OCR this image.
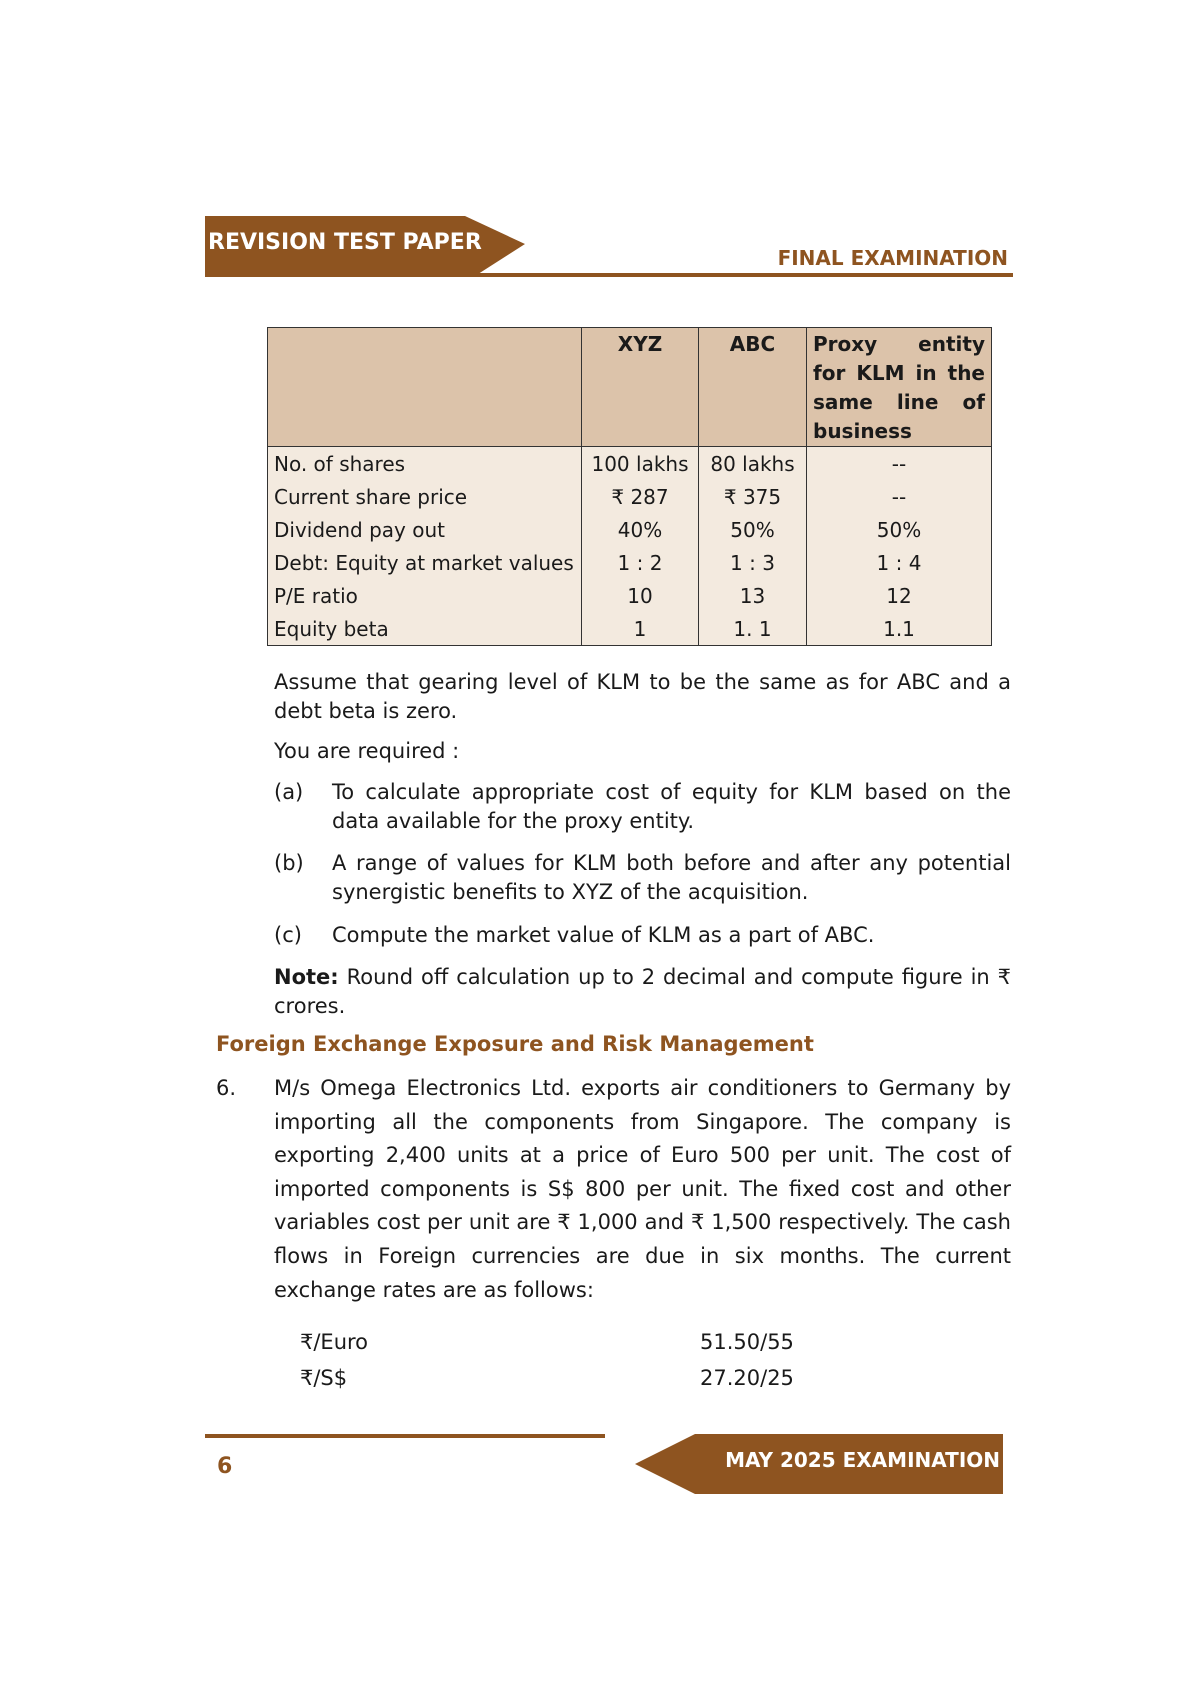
REVISION TEST PAPER
FINAL EXAMINATION
	XYZ	ABC	Proxy entity for KLM in the same line of business
No. of shares	100 lakhs	80 lakhs	--
Current share price	₹ 287	₹ 375	--
Dividend pay out	40%	50%	50%
Debt: Equity at market values	1 : 2	1 : 3	1 : 4
P/E ratio	10	13	12
Equity beta	1	1. 1	1.1
Assume that gearing level of KLM to be the same as for ABC and a debt beta is zero.
You are required :
(a) To calculate appropriate cost of equity for KLM based on the data available for the proxy entity.
(b) A range of values for KLM both before and after any potential synergistic benefits to XYZ of the acquisition.
(c) Compute the market value of KLM as a part of ABC.
Note: Round off calculation up to 2 decimal and compute figure in ₹ crores.
Foreign Exchange Exposure and Risk Management
6. M/s Omega Electronics Ltd. exports air conditioners to Germany by importing all the components from Singapore. The company is exporting 2,400 units at a price of Euro 500 per unit. The cost of imported components is S$ 800 per unit. The fixed cost and other variables cost per unit are ₹ 1,000 and ₹ 1,500 respectively. The cash flows in Foreign currencies are due in six months. The current exchange rates are as follows:
₹/Euro	51.50/55
₹/S$	27.20/25
MAY 2025 EXAMINATION
6
